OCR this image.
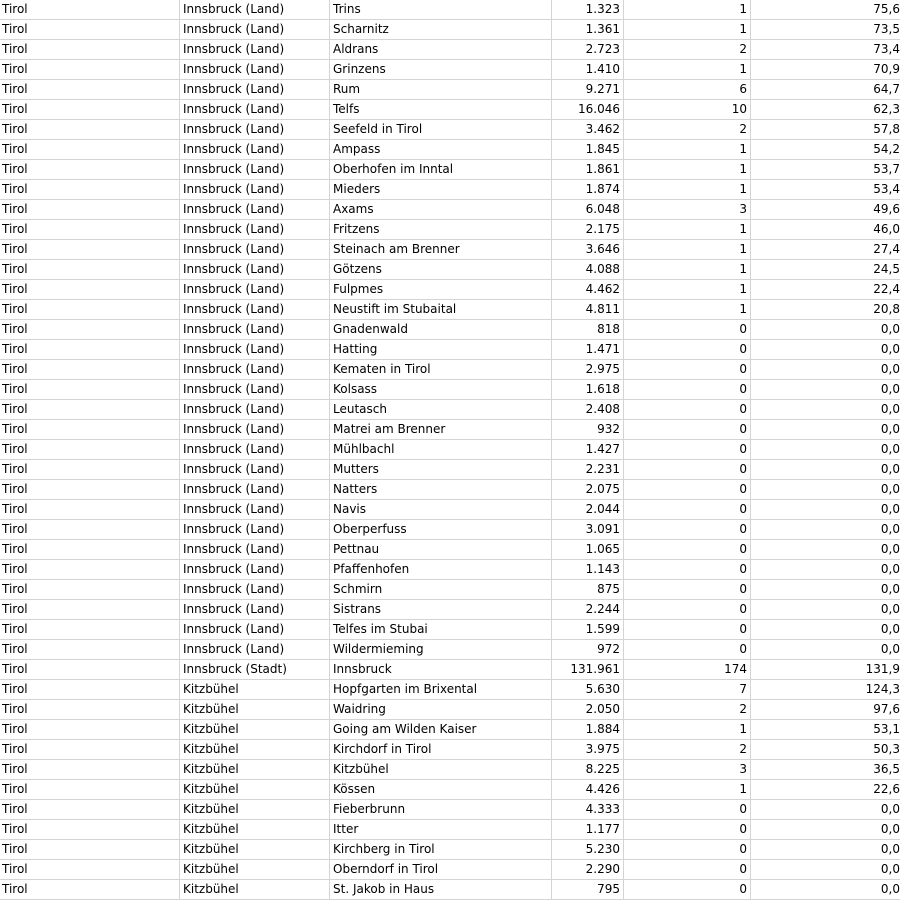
Tirol	Innsbruck (Land)	Trins	1.323	1	75,6
Tirol	Innsbruck (Land)	Scharnitz	1.361	1	73,5
Tirol	Innsbruck (Land)	Aldrans	2.723	2	73,4
Tirol	Innsbruck (Land)	Grinzens	1.410	1	70,9
Tirol	Innsbruck (Land)	Rum	9.271	6	64,7
Tirol	Innsbruck (Land)	Telfs	16.046	10	62,3
Tirol	Innsbruck (Land)	Seefeld in Tirol	3.462	2	57,8
Tirol	Innsbruck (Land)	Ampass	1.845	1	54,2
Tirol	Innsbruck (Land)	Oberhofen im Inntal	1.861	1	53,7
Tirol	Innsbruck (Land)	Mieders	1.874	1	53,4
Tirol	Innsbruck (Land)	Axams	6.048	3	49,6
Tirol	Innsbruck (Land)	Fritzens	2.175	1	46,0
Tirol	Innsbruck (Land)	Steinach am Brenner	3.646	1	27,4
Tirol	Innsbruck (Land)	Götzens	4.088	1	24,5
Tirol	Innsbruck (Land)	Fulpmes	4.462	1	22,4
Tirol	Innsbruck (Land)	Neustift im Stubaital	4.811	1	20,8
Tirol	Innsbruck (Land)	Gnadenwald	818	0	0,0
Tirol	Innsbruck (Land)	Hatting	1.471	0	0,0
Tirol	Innsbruck (Land)	Kematen in Tirol	2.975	0	0,0
Tirol	Innsbruck (Land)	Kolsass	1.618	0	0,0
Tirol	Innsbruck (Land)	Leutasch	2.408	0	0,0
Tirol	Innsbruck (Land)	Matrei am Brenner	932	0	0,0
Tirol	Innsbruck (Land)	Mühlbachl	1.427	0	0,0
Tirol	Innsbruck (Land)	Mutters	2.231	0	0,0
Tirol	Innsbruck (Land)	Natters	2.075	0	0,0
Tirol	Innsbruck (Land)	Navis	2.044	0	0,0
Tirol	Innsbruck (Land)	Oberperfuss	3.091	0	0,0
Tirol	Innsbruck (Land)	Pettnau	1.065	0	0,0
Tirol	Innsbruck (Land)	Pfaffenhofen	1.143	0	0,0
Tirol	Innsbruck (Land)	Schmirn	875	0	0,0
Tirol	Innsbruck (Land)	Sistrans	2.244	0	0,0
Tirol	Innsbruck (Land)	Telfes im Stubai	1.599	0	0,0
Tirol	Innsbruck (Land)	Wildermieming	972	0	0,0
Tirol	Innsbruck (Stadt)	Innsbruck	131.961	174	131,9
Tirol	Kitzbühel	Hopfgarten im Brixental	5.630	7	124,3
Tirol	Kitzbühel	Waidring	2.050	2	97,6
Tirol	Kitzbühel	Going am Wilden Kaiser	1.884	1	53,1
Tirol	Kitzbühel	Kirchdorf in Tirol	3.975	2	50,3
Tirol	Kitzbühel	Kitzbühel	8.225	3	36,5
Tirol	Kitzbühel	Kössen	4.426	1	22,6
Tirol	Kitzbühel	Fieberbrunn	4.333	0	0,0
Tirol	Kitzbühel	Itter	1.177	0	0,0
Tirol	Kitzbühel	Kirchberg in Tirol	5.230	0	0,0
Tirol	Kitzbühel	Oberndorf in Tirol	2.290	0	0,0
Tirol	Kitzbühel	St. Jakob in Haus	795	0	0,0
